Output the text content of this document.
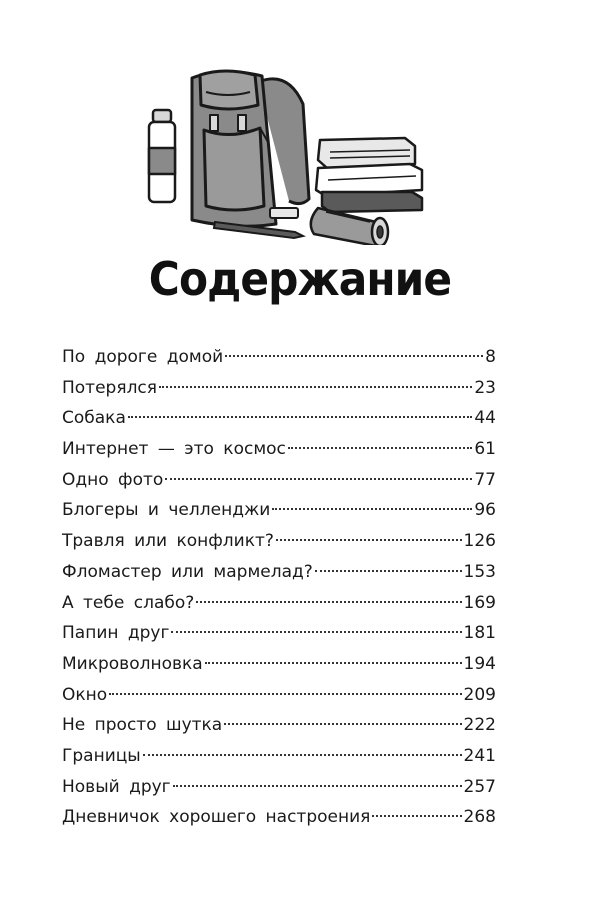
Содержание
По дороге домой	8
Потерялся	23
Собака	44
Интернет — это космос	61
Одно фото	77
Блогеры и челленджи	96
Травля или конфликт?	126
Фломастер или мармелад?	153
А тебе слабо?	169
Папин друг	181
Микроволновка	194
Окно	209
Не просто шутка	222
Границы	241
Новый друг	257
Дневничок хорошего настроения	268
